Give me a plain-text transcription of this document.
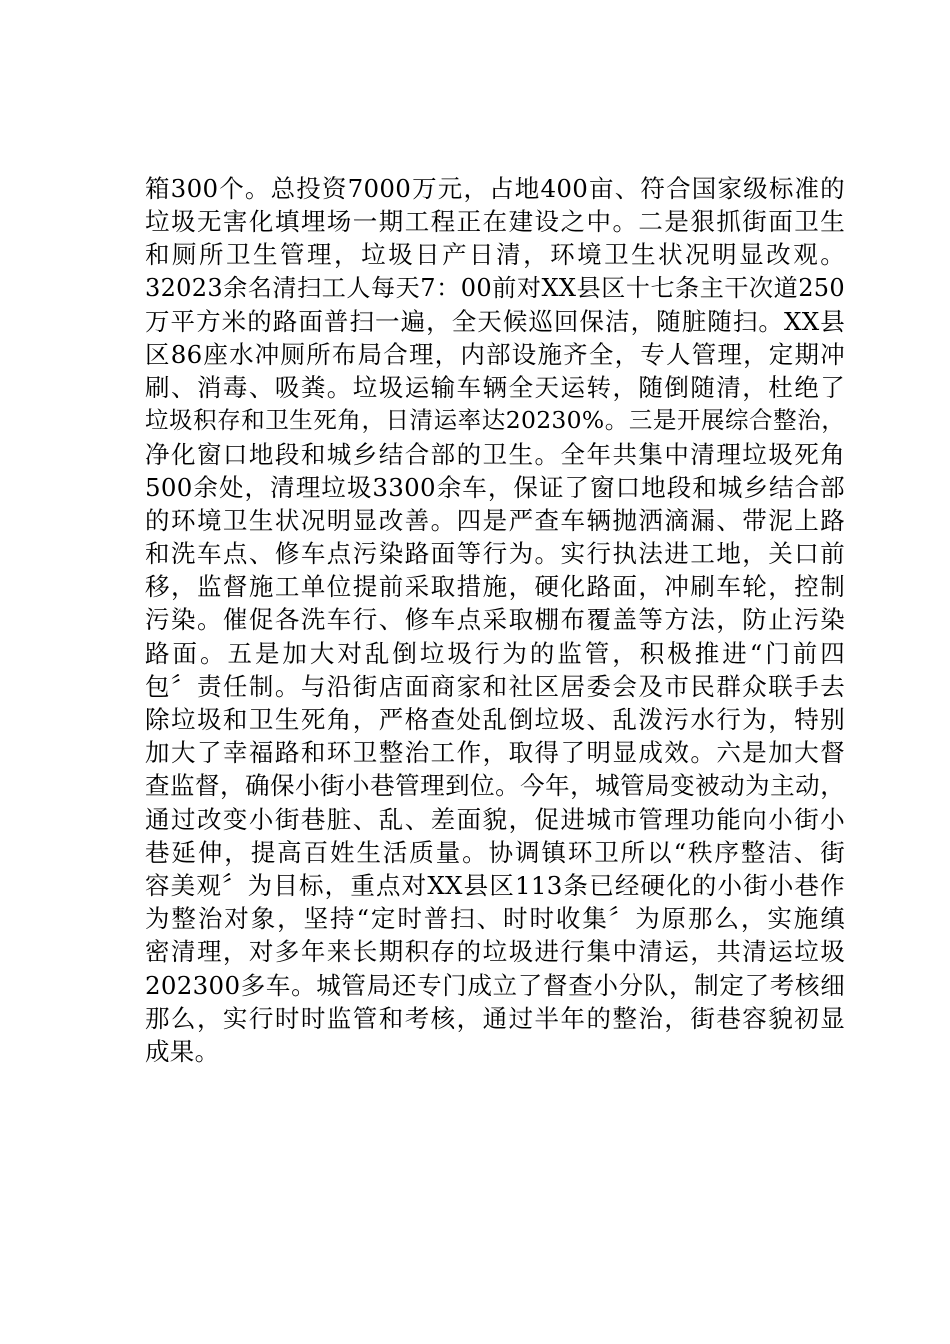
箱300个。总投资7000万元，占地400亩、符合国家级标准的
垃圾无害化填埋场一期工程正在建设之中。二是狠抓街面卫生
和厕所卫生管理，垃圾日产日清，环境卫生状况明显改观。
32023余名清扫工人每天7：00前对XX县区十七条主干次道250
万平方米的路面普扫一遍，全天候巡回保洁，随脏随扫。XX县
区86座水冲厕所布局合理，内部设施齐全，专人管理，定期冲
刷、消毒、吸粪。垃圾运输车辆全天运转，随倒随清，杜绝了
垃圾积存和卫生死角，日清运率达20230%。三是开展综合整治，
净化窗口地段和城乡结合部的卫生。全年共集中清理垃圾死角
500余处，清理垃圾3300余车，保证了窗口地段和城乡结合部
的环境卫生状况明显改善。四是严查车辆抛洒滴漏、带泥上路
和洗车点、修车点污染路面等行为。实行执法进工地，关口前
移，监督施工单位提前采取措施，硬化路面，冲刷车轮，控制
污染。催促各洗车行、修车点采取棚布覆盖等方法，防止污染
路面。五是加大对乱倒垃圾行为的监管，积极推进“门前四
包〞责任制。与沿街店面商家和社区居委会及市民群众联手去
除垃圾和卫生死角，严格查处乱倒垃圾、乱泼污水行为，特别
加大了幸福路和环卫整治工作，取得了明显成效。六是加大督
查监督，确保小街小巷管理到位。今年，城管局变被动为主动，
通过改变小街巷脏、乱、差面貌，促进城市管理功能向小街小
巷延伸，提高百姓生活质量。协调镇环卫所以“秩序整洁、街
容美观〞为目标，重点对XX县区113条已经硬化的小街小巷作
为整治对象，坚持“定时普扫、时时收集〞为原那么，实施缜
密清理，对多年来长期积存的垃圾进行集中清运，共清运垃圾
202300多车。城管局还专门成立了督查小分队，制定了考核细
那么，实行时时监管和考核，通过半年的整治，街巷容貌初显
成果。
